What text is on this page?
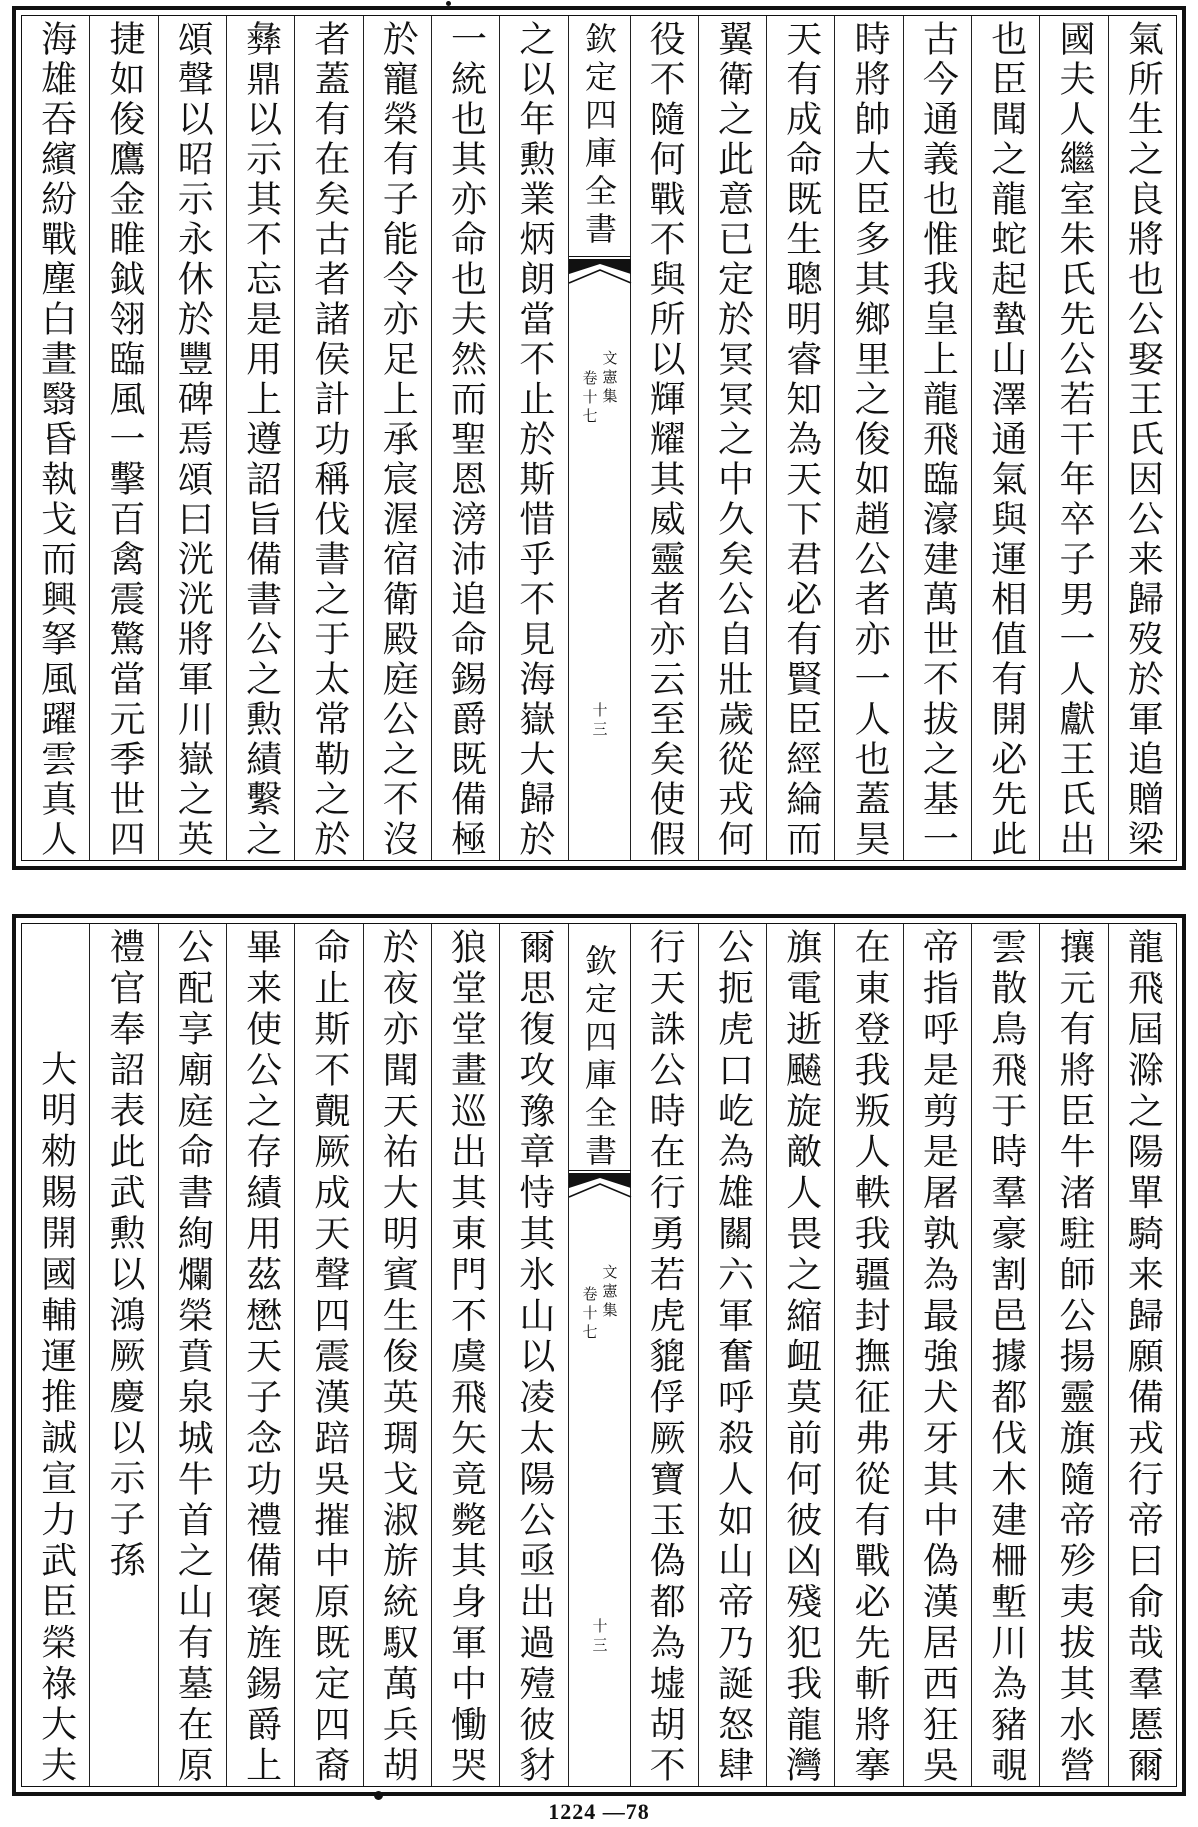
氣所生之良將也公娶王氏因公来歸歿於軍追贈梁
國夫人繼室朱氏先公若干年卒子男一人獻王氏出
也臣聞之龍蛇起蟄山澤通氣與運相值有開必先此
古今通義也惟我皇上龍飛臨濠建萬世不拔之基一
時將帥大臣多其鄉里之俊如趙公者亦一人也蓋昊
天有成命既生聰明睿知為天下君必有賢臣經綸而
翼衛之此意已定於冥冥之中久矣公自壯歲從戎何
役不隨何戰不與所以輝耀其威靈者亦云至矣使假
欽定四庫全書
文憲集
卷十七
十三
之以年勲業炳朗當不止於斯惜乎不見海嶽大歸於
一統也其亦命也夫然而聖恩滂沛追命錫爵既備極
於寵榮有子能令亦足上承宸渥宿衛殿庭公之不沒
者蓋有在矣古者諸侯計功稱伐書之于太常勒之於
彝鼎以示其不忘是用上遵詔旨備書公之勲績繫之
頌聲以昭示永休於豐碑焉頌曰洸洸將軍川嶽之英
捷如俊鷹金睢鉞翎臨風一擊百禽震驚當元季世四
海雄吞繽紛戰塵白晝翳昏執戈而興拏風躍雲真人
龍飛屆滁之陽單騎来歸願備戎行帝曰俞哉羣慝爾
攘元有將臣牛渚駐師公揚靈旗隨帝殄夷拔其水營
雲散鳥飛于時羣豪割邑據都伐木建柵塹川為豬覗
帝指呼是剪是屠孰為最強犬牙其中偽漢居西狂吳
在東登我叛人軼我疆封撫征弗從有戰必先斬將搴
旗電逝飇旋敵人畏之縮衄莫前何彼凶殘犯我龍灣
公扼虎口屹為雄關六軍奮呼殺人如山帝乃誕怒肆
行天誅公時在行勇若虎貔俘厥寶玉偽都為墟胡不
欽定四庫全書
文憲集
卷十七
十三
爾思復攻豫章恃其氷山以凌太陽公亟出過殪彼豺
狼堂堂畫巡出其東門不虞飛矢竟斃其身軍中慟哭
於夜亦聞天祐大明賓生俊英琱戈淑旂統馭萬兵胡
命止斯不覿厥成天聲四震漢踣吳摧中原既定四裔
畢来使公之存績用茲懋天子念功禮備褒旌錫爵上
公配享廟庭命書絢爛榮賁泉城牛首之山有墓在原
禮官奉詔表此武勲以鴻厥慶以示子孫
大明勑賜開國輔運推誠宣力武臣榮祿大夫
1224 —78
